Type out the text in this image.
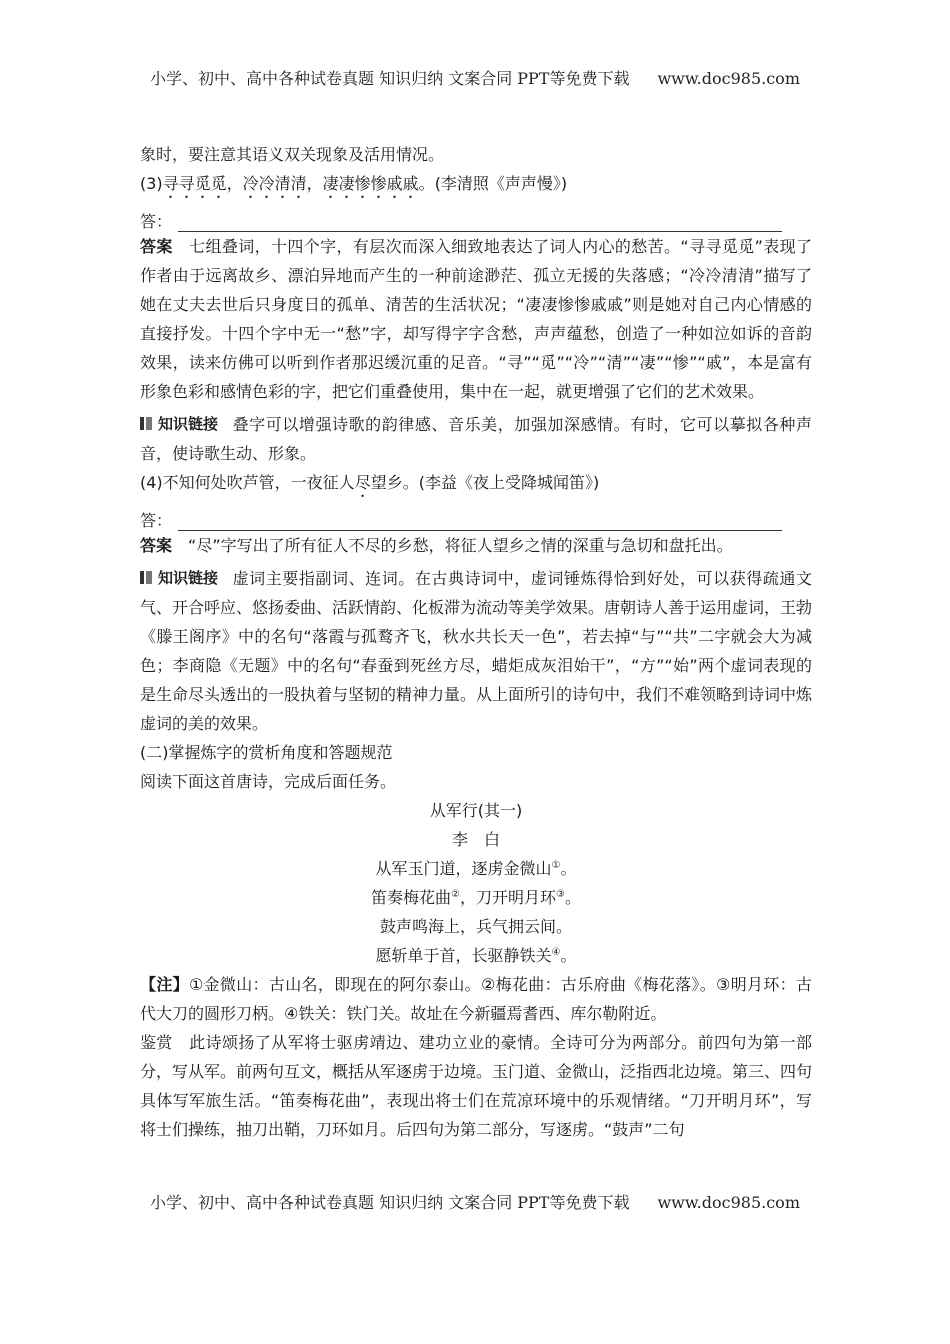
小学、初中、高中各种试卷真题 知识归纳 文案合同 PPT等免费下载 www.doc985.com

象时，要注意其语义双关现象及活用情况。

(3)寻寻觅觅，冷冷清清，凄凄惨惨戚戚。(李清照《声声慢》)

答：

答案　 七组叠词，十四个字，有层次而深入细致地表达了词人内心的愁苦。“寻寻觅觅”表现了作者由于远离故乡、漂泊异地而产生的一种前途渺茫、孤立无援的失落感；“冷冷清清”描写了她在丈夫去世后只身度日的孤单、清苦的生活状况；“凄凄惨惨戚戚”则是她对自己内心情感的直接抒发。十四个字中无一“愁”字，却写得字字含愁，声声蕴愁，创造了一种如泣如诉的音韵效果，读来仿佛可以听到作者那迟缓沉重的足音。“寻”“觅”“冷”“清”“凄”“惨”“戚”，本是富有形象色彩和感情色彩的字，把它们重叠使用，集中在一起，就更增强了它们的艺术效果。

知识链接 叠字可以增强诗歌的韵律感、音乐美，加强加深感情。有时，它可以摹拟各种声音，使诗歌生动、形象。

(4)不知何处吹芦管，一夜征人尽望乡。(李益《夜上受降城闻笛》)

答：

答案　 “尽”字写出了所有征人不尽的乡愁，将征人望乡之情的深重与急切和盘托出。

知识链接 虚词主要指副词、连词。在古典诗词中，虚词锤炼得恰到好处，可以获得疏通文气、开合呼应、悠扬委曲、活跃情韵、化板滞为流动等美学效果。唐朝诗人善于运用虚词，王勃《滕王阁序》中的名句“落霞与孤鹜齐飞，秋水共长天一色”，若去掉“与”“共”二字就会大为减色；李商隐《无题》中的名句“春蚕到死丝方尽，蜡炬成灰泪始干”，“方”“始”两个虚词表现的是生命尽头透出的一股执着与坚韧的精神力量。从上面所引的诗句中，我们不难领略到诗词中炼虚词的美的效果。

(二)掌握炼字的赏析角度和答题规范

阅读下面这首唐诗，完成后面任务。

从军行(其一)
李　白
从军玉门道，逐虏金微山①。
笛奏梅花曲②，刀开明月环③。
鼓声鸣海上，兵气拥云间。
愿斩单于首，长驱静铁关④。

【注】①金微山：古山名，即现在的阿尔泰山。②梅花曲：古乐府曲《梅花落》。③明月环：古代大刀的圆形刀柄。④铁关：铁门关。故址在今新疆焉耆西、库尔勒附近。

鉴赏　 此诗颂扬了从军将士驱虏靖边、建功立业的豪情。全诗可分为两部分。前四句为第一部分，写从军。前两句互文，概括从军逐虏于边境。玉门道、金微山，泛指西北边境。第三、四句具体写军旅生活。“笛奏梅花曲”，表现出将士们在荒凉环境中的乐观情绪。“刀开明月环”，写将士们操练，抽刀出鞘，刀环如月。后四句为第二部分，写逐虏。“鼓声”二句

小学、初中、高中各种试卷真题 知识归纳 文案合同 PPT等免费下载 www.doc985.com
